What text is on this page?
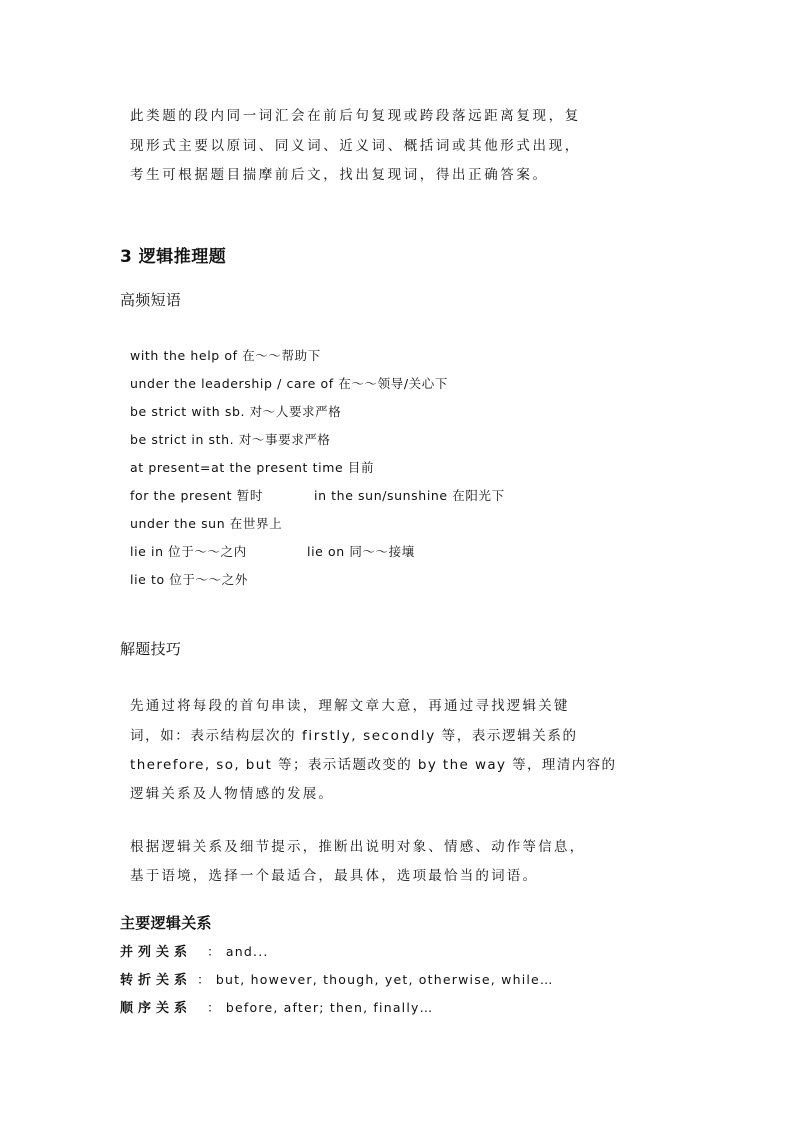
此类题的段内同一词汇会在前后句复现或跨段落远距离复现，复
现形式主要以原词、同义词、近义词、概括词或其他形式出现，
考生可根据题目揣摩前后文，找出复现词，得出正确答案。
3 逻辑推理题
高频短语
with the help of 在～～帮助下
under the leadership / care of 在～～领导/关心下
be strict with sb. 对～人要求严格
be strict in sth. 对～事要求严格
at present=at the present time 目前
for the present 暂时	in the sun/sunshine 在阳光下
under the sun 在世界上
lie in 位于～～之内	lie on 同～～接壤
lie to 位于～～之外
解题技巧
先通过将每段的首句串读，理解文章大意，再通过寻找逻辑关键
词，如：表示结构层次的 firstly, secondly 等，表示逻辑关系的
therefore, so, but 等；表示话题改变的 by the way 等，理清内容的
逻辑关系及人物情感的发展。
根据逻辑关系及细节提示，推断出说明对象、情感、动作等信息，
基于语境，选择一个最适合，最具体，选项最恰当的词语。
主要逻辑关系
并列关系 ： and...
转折关系 ： but, however, though, yet, otherwise, while…
顺序关系 ： before, after; then, finally…
